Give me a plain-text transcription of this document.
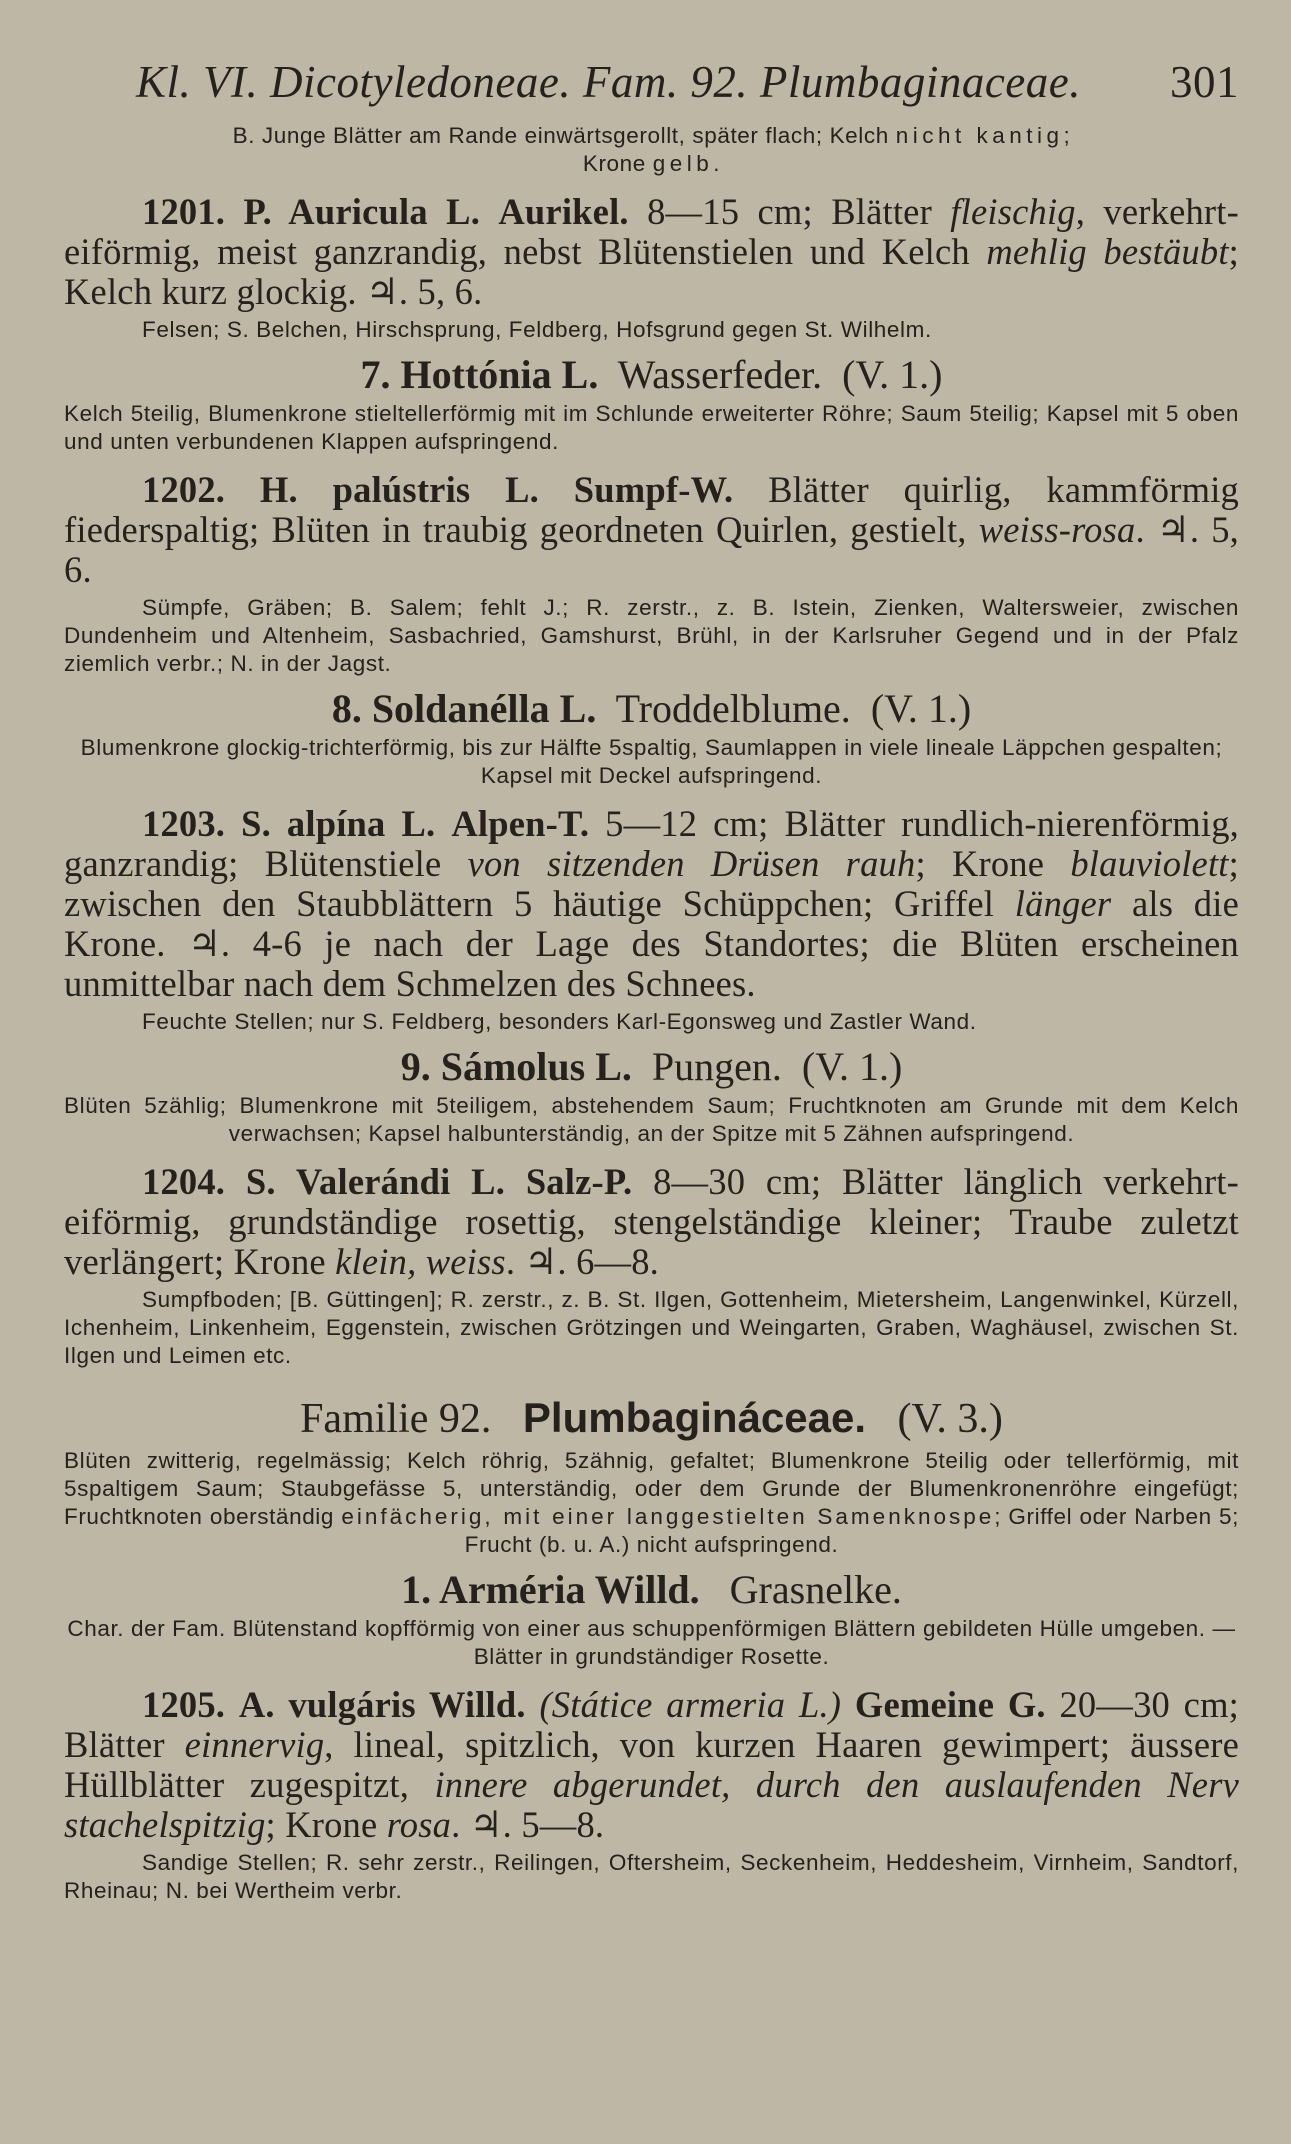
Kl. VI. Dicotyledoneae. Fam. 92. Plumbaginaceae. 301
B. Junge Blätter am Rande einwärtsgerollt, später flach; Kelch nicht kantig;
Krone gelb.
1201. P. Auricula L. Aurikel. 8—15 cm; Blätter fleischig, verkehrt-eiförmig, meist ganzrandig, nebst Blütenstielen und Kelch mehlig bestäubt; Kelch kurz glockig. ♃. 5, 6.
Felsen; S. Belchen, Hirschsprung, Feldberg, Hofsgrund gegen St. Wilhelm.
7. Hottónia L. Wasserfeder. (V. 1.)
Kelch 5teilig, Blumenkrone stieltellerförmig mit im Schlunde erweiterter Röhre; Saum 5teilig; Kapsel mit 5 oben und unten verbundenen Klappen aufspringend.
1202. H. palústris L. Sumpf-W. Blätter quirlig, kammförmig fiederspaltig; Blüten in traubig geordneten Quirlen, gestielt, weiss-rosa. ♃. 5, 6.
Sümpfe, Gräben; B. Salem; fehlt J.; R. zerstr., z. B. Istein, Zienken, Waltersweier, zwischen Dundenheim und Altenheim, Sasbachried, Gamshurst, Brühl, in der Karlsruher Gegend und in der Pfalz ziemlich verbr.; N. in der Jagst.
8. Soldanélla L. Troddelblume. (V. 1.)
Blumenkrone glockig-trichterförmig, bis zur Hälfte 5spaltig, Saumlappen in viele lineale Läppchen gespalten; Kapsel mit Deckel aufspringend.
1203. S. alpína L. Alpen-T. 5—12 cm; Blätter rundlich-nierenförmig, ganzrandig; Blütenstiele von sitzenden Drüsen rauh; Krone blauviolett; zwischen den Staubblättern 5 häutige Schüppchen; Griffel länger als die Krone. ♃. 4-6 je nach der Lage des Standortes; die Blüten erscheinen unmittelbar nach dem Schmelzen des Schnees.
Feuchte Stellen; nur S. Feldberg, besonders Karl-Egonsweg und Zastler Wand.
9. Sámolus L. Pungen. (V. 1.)
Blüten 5zählig; Blumenkrone mit 5teiligem, abstehendem Saum; Fruchtknoten am Grunde mit dem Kelch verwachsen; Kapsel halbunterständig, an der Spitze mit 5 Zähnen aufspringend.
1204. S. Valerándi L. Salz-P. 8—30 cm; Blätter länglich verkehrt-eiförmig, grundständige rosettig, stengelständige kleiner; Traube zuletzt verlängert; Krone klein, weiss. ♃. 6—8.
Sumpfboden; [B. Güttingen]; R. zerstr., z. B. St. Ilgen, Gottenheim, Mietersheim, Langenwinkel, Kürzell, Ichenheim, Linkenheim, Eggenstein, zwischen Grötzingen und Weingarten, Graben, Waghäusel, zwischen St. Ilgen und Leimen etc.
Familie 92. Plumbagináceae. (V. 3.)
Blüten zwitterig, regelmässig; Kelch röhrig, 5zähnig, gefaltet; Blumenkrone 5teilig oder tellerförmig, mit 5spaltigem Saum; Staubgefässe 5, unterständig, oder dem Grunde der Blumenkronenröhre eingefügt; Fruchtknoten oberständig einfächerig, mit einer langgestielten Samenknospe; Griffel oder Narben 5; Frucht (b. u. A.) nicht aufspringend.
1. Arméria Willd. Grasnelke.
Char. der Fam. Blütenstand kopfförmig von einer aus schuppenförmigen Blättern gebildeten Hülle umgeben. — Blätter in grundständiger Rosette.
1205. A. vulgáris Willd. (Státice armeria L.) Gemeine G. 20—30 cm; Blätter einnervig, lineal, spitzlich, von kurzen Haaren gewimpert; äussere Hüllblätter zugespitzt, innere abgerundet, durch den auslaufenden Nerv stachelspitzig; Krone rosa. ♃. 5—8.
Sandige Stellen; R. sehr zerstr., Reilingen, Oftersheim, Seckenheim, Heddesheim, Virnheim, Sandtorf, Rheinau; N. bei Wertheim verbr.
